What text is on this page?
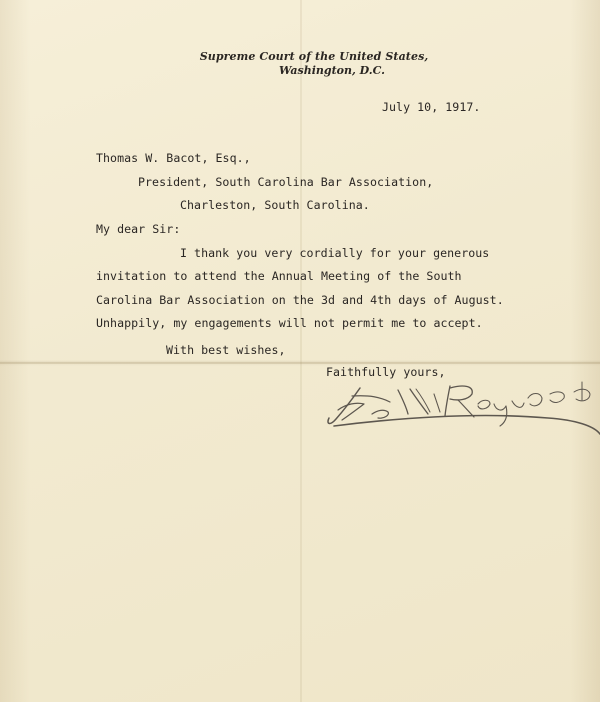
Supreme Court of the United States,
Washington, D.C.
July 10, 1917.
Thomas W. Bacot, Esq.,
President, South Carolina Bar Association,
Charleston, South Carolina.
My dear Sir:
I thank you very cordially for your generous
invitation to attend the Annual Meeting of the South
Carolina Bar Association on the 3d and 4th days of August.
Unhappily, my engagements will not permit me to accept.
With best wishes,
Faithfully yours,
